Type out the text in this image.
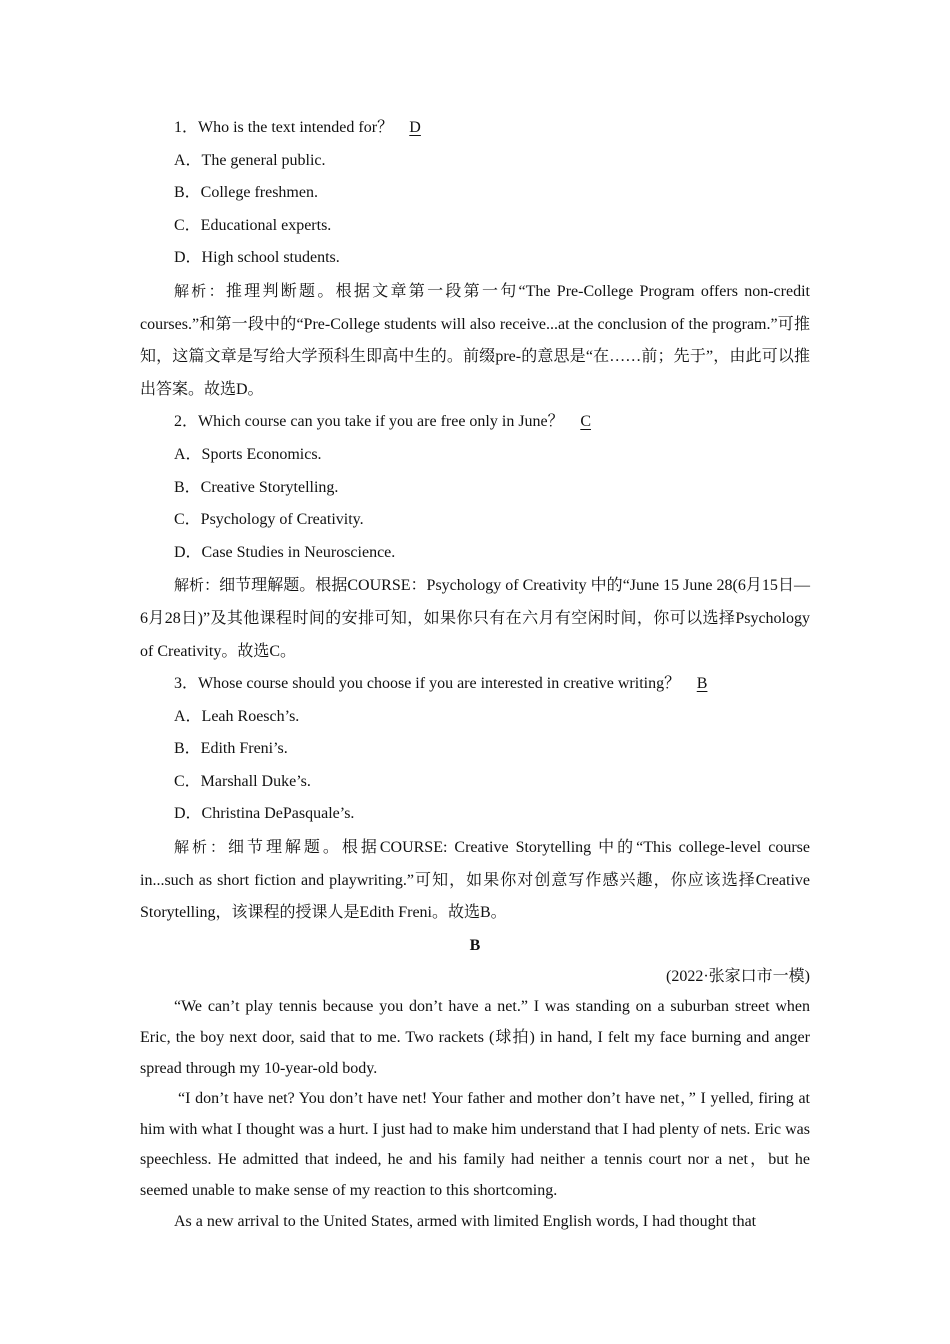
1．Who is the text intended for？ D
A．The general public.
B．College freshmen.
C．Educational experts.
D．High school students.

解析：推理判断题。根据文章第一段第一句“The Pre-College Program offers non-credit courses.”和第一段中的“Pre-College students will also receive...at the conclusion of the program.”可推知，这篇文章是写给大学预科生即高中生的。前缀pre-的意思是“在……前；先于”，由此可以推出答案。故选D。

2．Which course can you take if you are free only in June？ C
A．Sports Economics.
B．Creative Storytelling.
C．Psychology of Creativity.
D．Case Studies in Neuroscience.

解析：细节理解题。根据COURSE：Psychology of Creativity 中的“June 15 June 28(6月15日—6月28日)”及其他课程时间的安排可知，如果你只有在六月有空闲时间，你可以选择Psychology of Creativity。故选C。

3．Whose course should you choose if you are interested in creative writing？ B
A．Leah Roesch’s.
B．Edith Freni’s.
C．Marshall Duke’s.
D．Christina DePasquale’s.

解析：细节理解题。根据COURSE: Creative Storytelling 中的“This college-level course in...such as short fiction and playwriting.”可知，如果你对创意写作感兴趣，你应该选择Creative Storytelling，该课程的授课人是Edith Freni。故选B。

B
(2022·张家口市一模)

“We can’t play tennis because you don’t have a net.” I was standing on a suburban street when Eric, the boy next door, said that to me. Two rackets (球拍) in hand, I felt my face burning and anger spread through my 10-year-old body.

“I don’t have net? You don’t have net! Your father and mother don’t have net，” I yelled, firing at him with what I thought was a hurt. I just had to make him understand that I had plenty of nets. Eric was speechless. He admitted that indeed, he and his family had neither a tennis court nor a net，but he seemed unable to make sense of my reaction to this shortcoming.

As a new arrival to the United States, armed with limited English words, I had thought that
